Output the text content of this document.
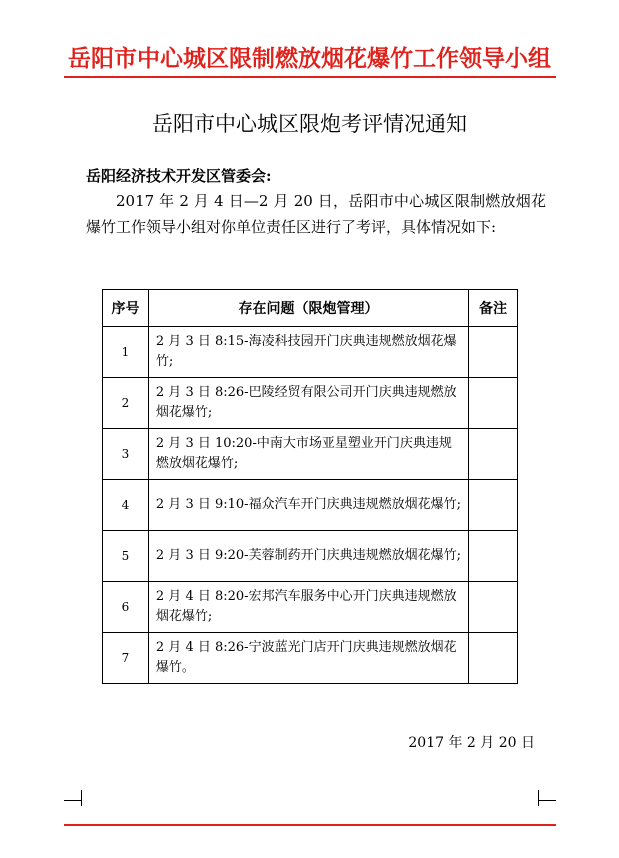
岳阳市中心城区限制燃放烟花爆竹工作领导小组
岳阳市中心城区限炮考评情况通知
岳阳经济技术开发区管委会:
2017 年 2 月 4 日—2 月 20 日，岳阳市中心城区限制燃放烟花爆竹工作领导小组对你单位责任区进行了考评，具体情况如下:
序号	存在问题（限炮管理）	备注
1	2 月 3 日 8:15-海凌科技园开门庆典违规燃放烟花爆竹;	
2	2 月 3 日 8:26-巴陵经贸有限公司开门庆典违规燃放烟花爆竹;	
3	2 月 3 日 10:20-中南大市场亚星塑业开门庆典违规燃放烟花爆竹;	
4	2 月 3 日 9:10-福众汽车开门庆典违规燃放烟花爆竹;	
5	2 月 3 日 9:20-芙蓉制药开门庆典违规燃放烟花爆竹;	
6	2 月 4 日 8:20-宏邦汽车服务中心开门庆典违规燃放烟花爆竹;	
7	2 月 4 日 8:26-宁波蓝光门店开门庆典违规燃放烟花爆竹。	
2017 年 2 月 20 日
